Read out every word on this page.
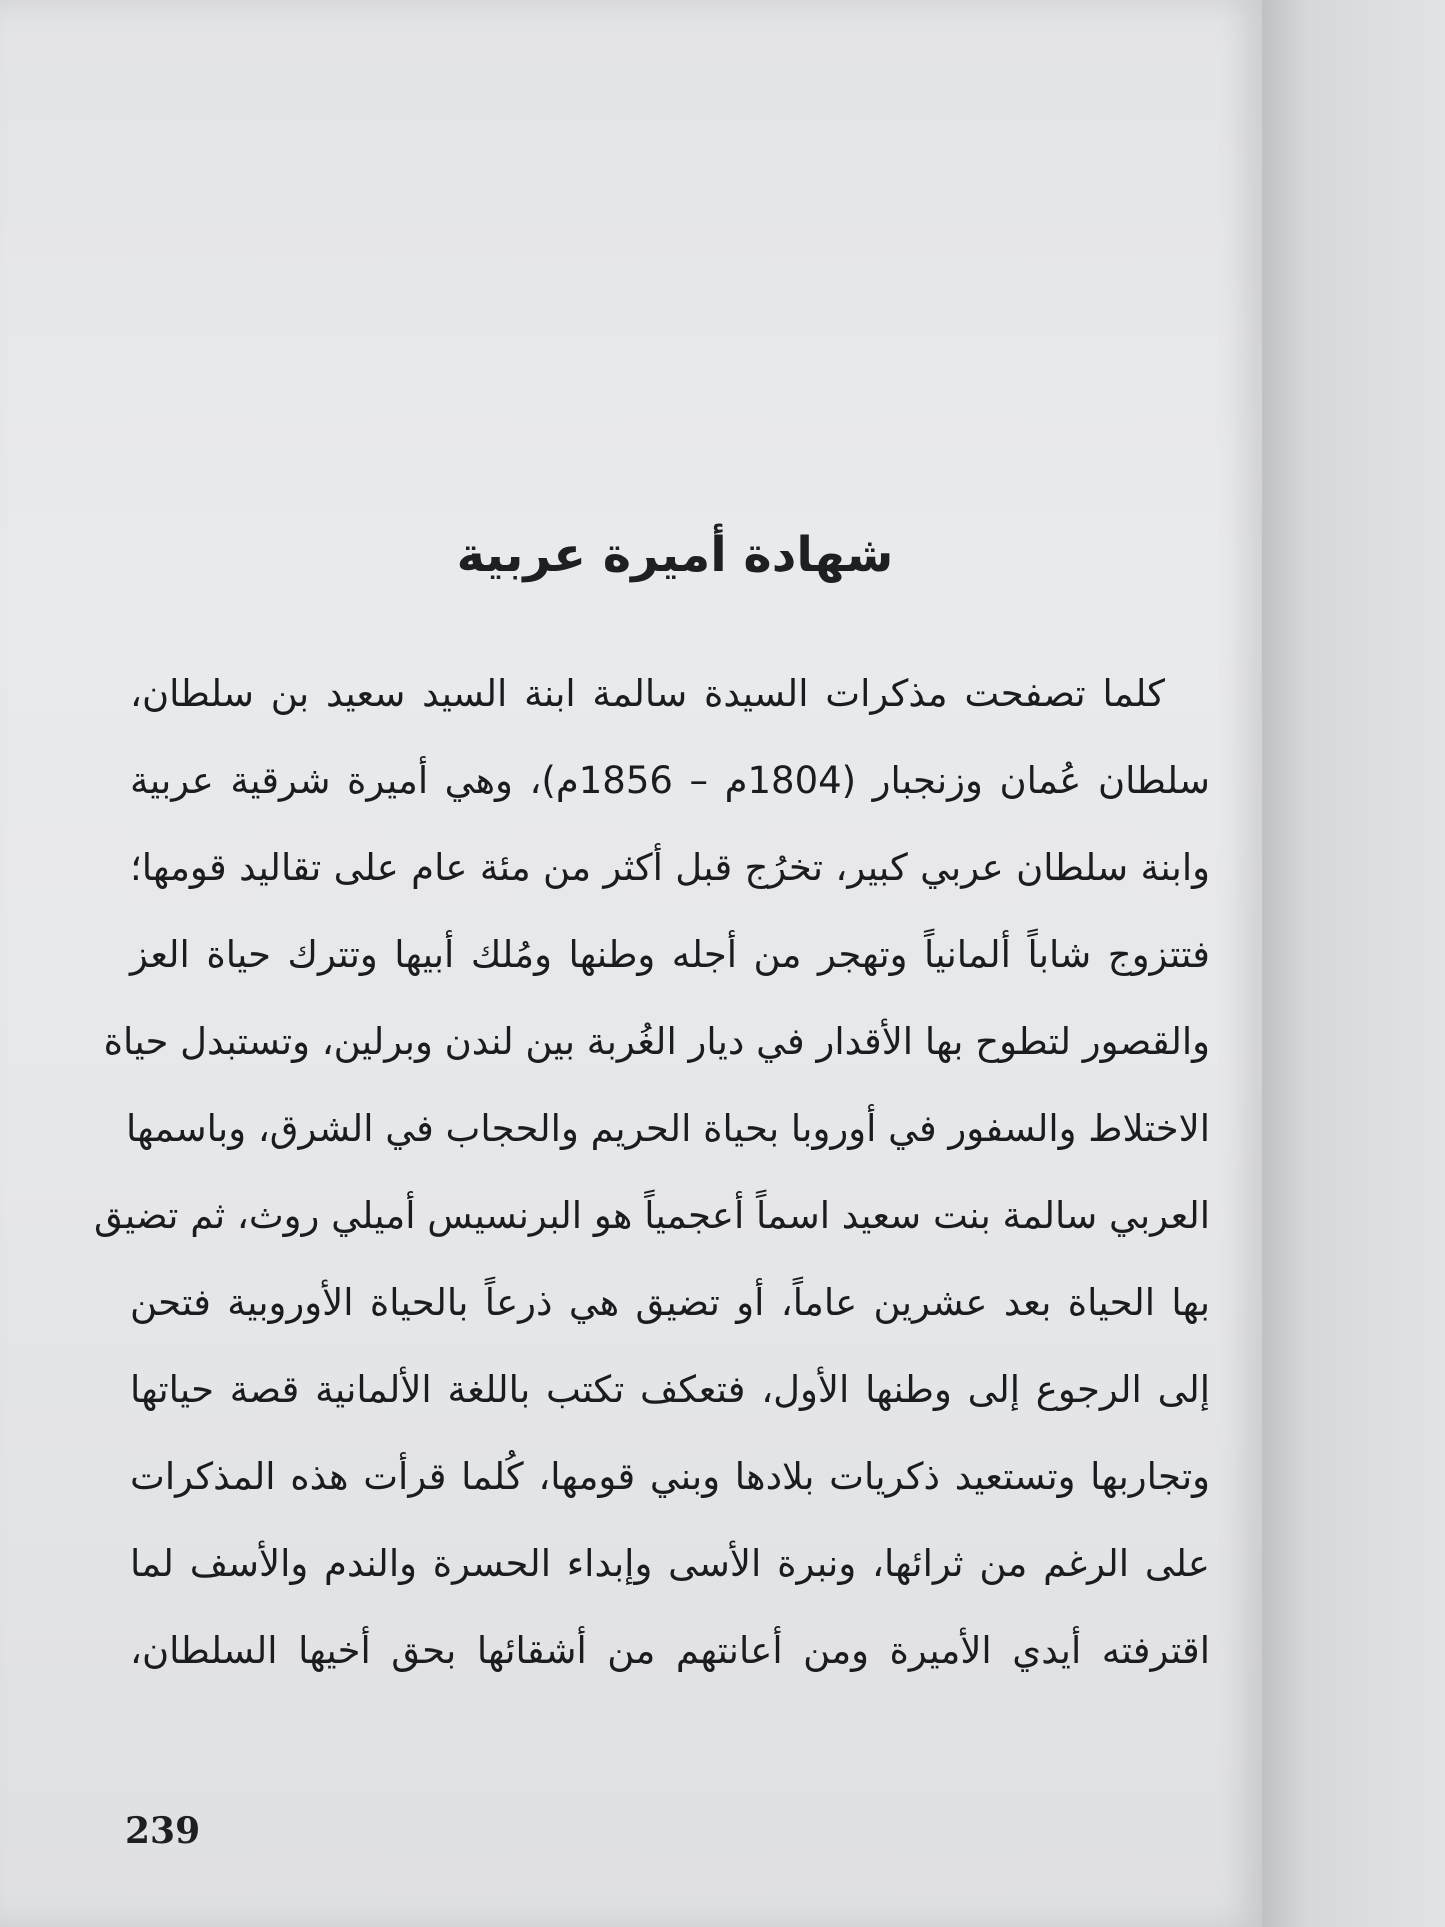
شهادة أميرة عربية
كلما تصفحت مذكرات السيدة سالمة ابنة السيد سعيد بن سلطان،
سلطان عُمان وزنجبار (1804م – 1856م)، وهي أميرة شرقية عربية
وابنة سلطان عربي كبير، تخرُج قبل أكثر من مئة عام على تقاليد قومها؛
فتتزوج شاباً ألمانياً وتهجر من أجله وطنها ومُلك أبيها وتترك حياة العز
والقصور لتطوح بها الأقدار في ديار الغُربة بين لندن وبرلين، وتستبدل حياة
الاختلاط والسفور في أوروبا بحياة الحريم والحجاب في الشرق، وباسمها
العربي سالمة بنت سعيد اسماً أعجمياً هو البرنسيس أميلي روث، ثم تضيق
بها الحياة بعد عشرين عاماً، أو تضيق هي ذرعاً بالحياة الأوروبية فتحن
إلى الرجوع إلى وطنها الأول، فتعكف تكتب باللغة الألمانية قصة حياتها
وتجاربها وتستعيد ذكريات بلادها وبني قومها، كُلما قرأت هذه المذكرات
على الرغم من ثرائها، ونبرة الأسى وإبداء الحسرة والندم والأسف لما
اقترفته أيدي الأميرة ومن أعانتهم من أشقائها بحق أخيها السلطان،
239
